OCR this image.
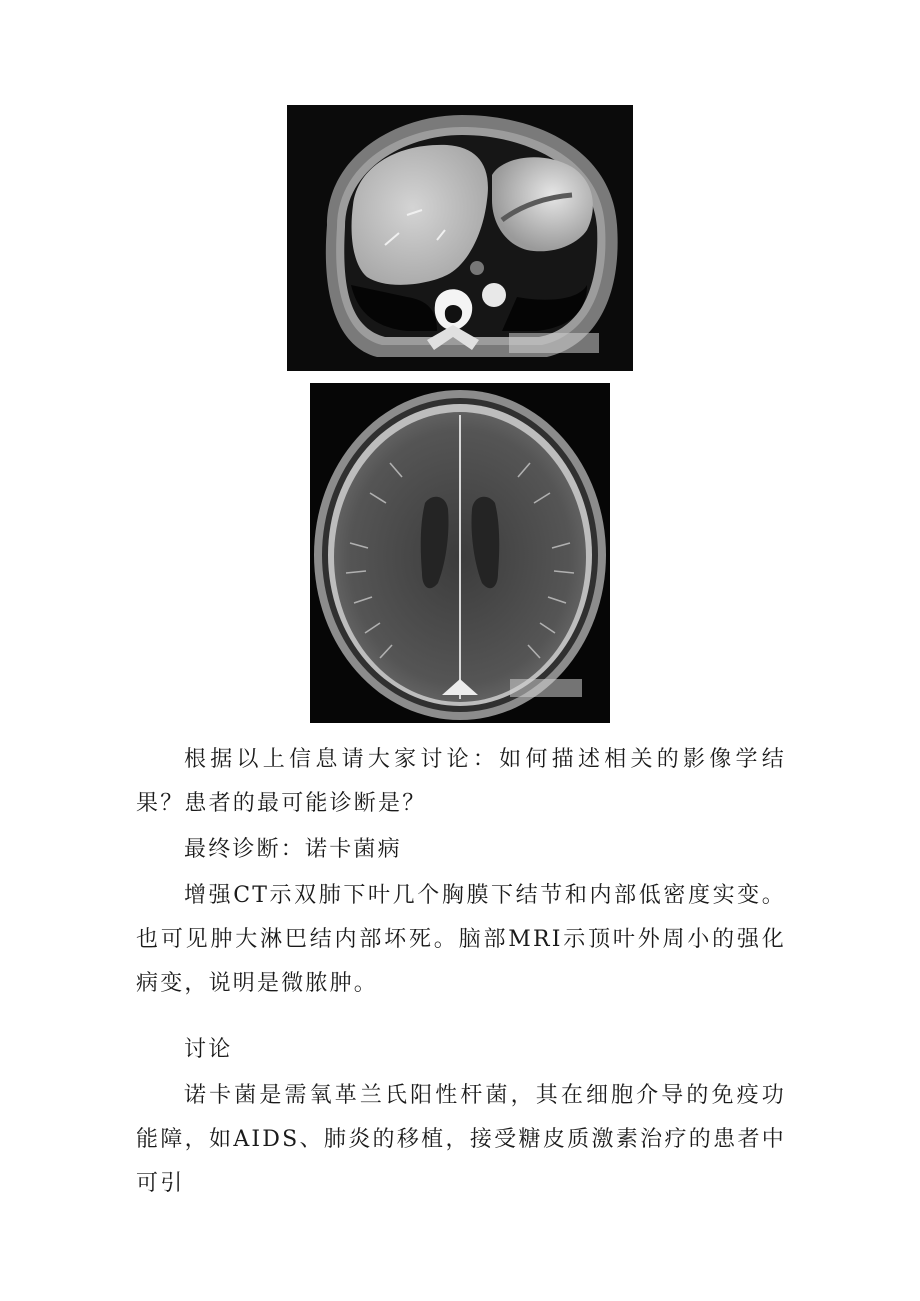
根据以上信息请大家讨论：如何描述相关的影像学结果？患者的最可能诊断是？

最终诊断：诺卡菌病

增强CT示双肺下叶几个胸膜下结节和内部低密度实变。也可见肿大淋巴结内部坏死。脑部MRI示顶叶外周小的强化病变，说明是微脓肿。

讨论

诺卡菌是需氧革兰氏阳性杆菌，其在细胞介导的免疫功能障，如AIDS、肺炎的移植，接受糖皮质激素治疗的患者中可引
